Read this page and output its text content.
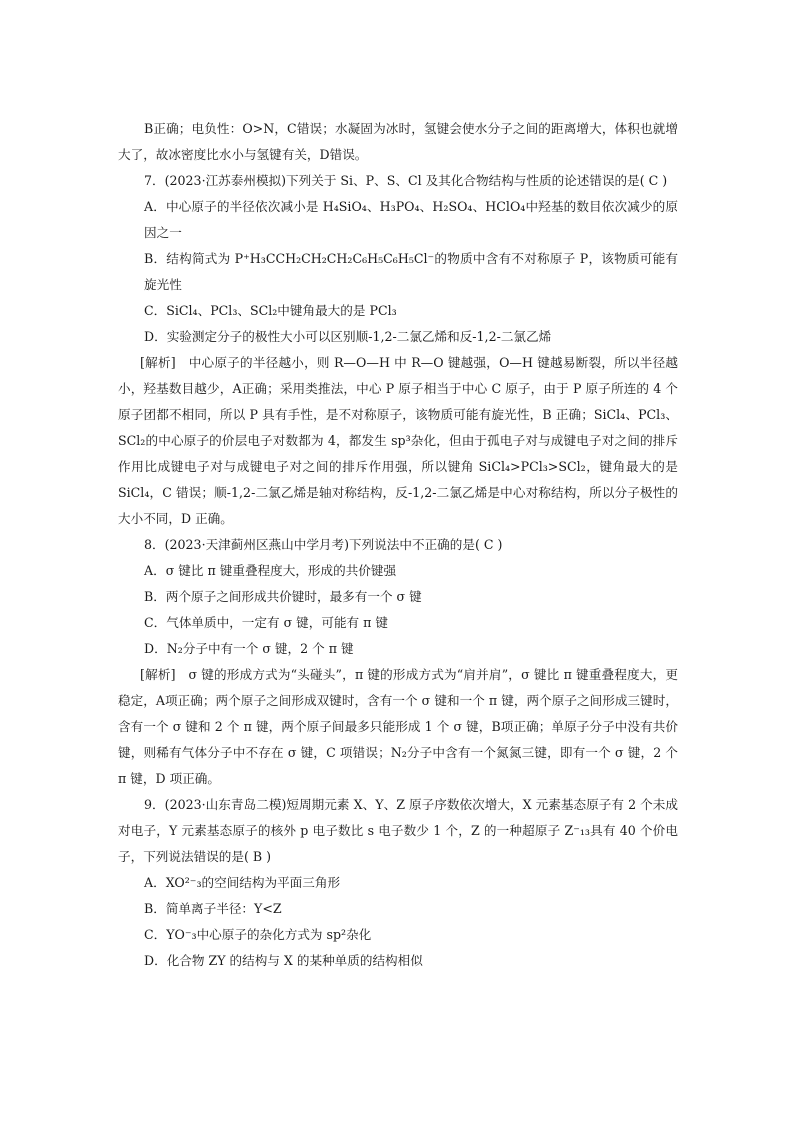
B正确；电负性：O>N，C错误；水凝固为冰时，氢键会使水分子之间的距离增大，体积也就增大了，故冰密度比水小与氢键有关，D错误。

7．(2023·江苏泰州模拟)下列关于 Si、P、S、Cl 及其化合物结构与性质的论述错误的是( C )

A．中心原子的半径依次减小是 H₄SiO₄、H₃PO₄、H₂SO₄、HClO₄中羟基的数目依次减少的原因之一

B．结构简式为 P⁺H₃CCH₂CH₂CH₂C₆H₅C₆H₅Cl⁻的物质中含有不对称原子 P，该物质可能有旋光性

C．SiCl₄、PCl₃、SCl₂中键角最大的是 PCl₃

D．实验测定分子的极性大小可以区别顺-1,2-二氯乙烯和反-1,2-二氯乙烯

[解析]　中心原子的半径越小，则 R—O—H 中 R—O 键越强，O—H 键越易断裂，所以半径越小，羟基数目越少，A正确；采用类推法，中心 P 原子相当于中心 C 原子，由于 P 原子所连的 4 个原子团都不相同，所以 P 具有手性，是不对称原子，该物质可能有旋光性，B 正确；SiCl₄、PCl₃、SCl₂的中心原子的价层电子对数都为 4，都发生 sp³杂化，但由于孤电子对与成键电子对之间的排斥作用比成键电子对与成键电子对之间的排斥作用强，所以键角 SiCl₄>PCl₃>SCl₂，键角最大的是 SiCl₄，C 错误；顺-1,2-二氯乙烯是轴对称结构，反-1,2-二氯乙烯是中心对称结构，所以分子极性的大小不同，D 正确。

8．(2023·天津蓟州区燕山中学月考)下列说法中不正确的是( C )

A．σ 键比 π 键重叠程度大，形成的共价键强

B．两个原子之间形成共价键时，最多有一个 σ 键

C．气体单质中，一定有 σ 键，可能有 π 键

D．N₂分子中有一个 σ 键，2 个 π 键

[解析]　σ 键的形成方式为“头碰头”，π 键的形成方式为“肩并肩”，σ 键比 π 键重叠程度大，更稳定，A项正确；两个原子之间形成双键时，含有一个 σ 键和一个 π 键，两个原子之间形成三键时，含有一个 σ 键和 2 个 π 键，两个原子间最多只能形成 1 个 σ 键，B项正确；单原子分子中没有共价键，则稀有气体分子中不存在 σ 键，C 项错误；N₂分子中含有一个氮氮三键，即有一个 σ 键，2 个 π 键，D 项正确。

9．(2023·山东青岛二模)短周期元素 X、Y、Z 原子序数依次增大，X 元素基态原子有 2 个未成对电子，Y 元素基态原子的核外 p 电子数比 s 电子数少 1 个，Z 的一种超原子 Z⁻₁₃具有 40 个价电子，下列说法错误的是( B )

A．XO²⁻₃的空间结构为平面三角形

B．简单离子半径：Y<Z

C．YO⁻₃中心原子的杂化方式为 sp²杂化

D．化合物 ZY 的结构与 X 的某种单质的结构相似
